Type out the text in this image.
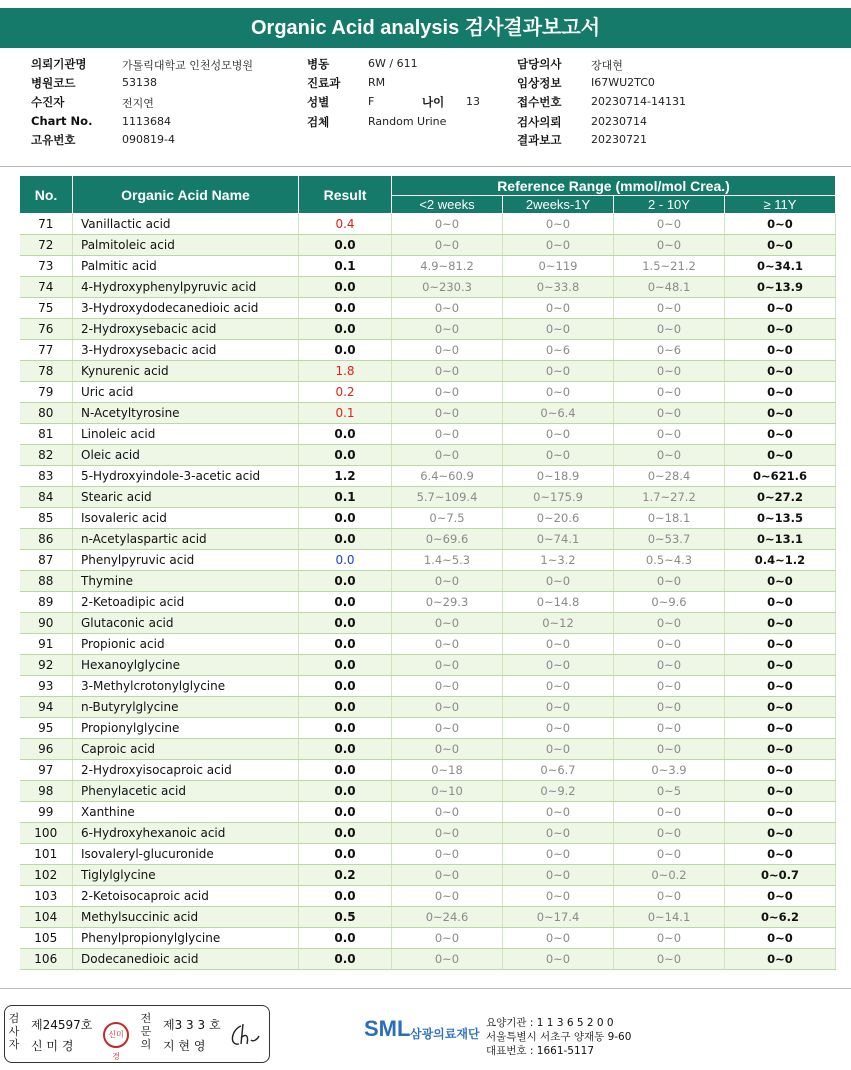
Organic Acid analysis 검사결과보고서
의뢰기관명	가톨릭대학교 인천성모병원
병원코드	53138
수진자	전지연
Chart No.	1113684
고유번호	090819-4
병동	6W / 611
진료과	RM
성별	F
검체	Random Urine
나이 13
담당의사	장대현
임상정보	I67WU2TC0
접수번호	20230714-14131
검사의뢰	20230714
결과보고	20230721
No.	Organic Acid Name	Result	Reference Range (mmol/mol Crea.)			
			<2 weeks	2weeks-1Y	2 - 10Y	≥ 11Y
71	Vanillactic acid	0.4	0~0	0~0	0~0	0~0
72	Palmitoleic acid	0.0	0~0	0~0	0~0	0~0
73	Palmitic acid	0.1	4.9~81.2	0~119	1.5~21.2	0~34.1
74	4-Hydroxyphenylpyruvic acid	0.0	0~230.3	0~33.8	0~48.1	0~13.9
75	3-Hydroxydodecanedioic acid	0.0	0~0	0~0	0~0	0~0
76	2-Hydroxysebacic acid	0.0	0~0	0~0	0~0	0~0
77	3-Hydroxysebacic acid	0.0	0~0	0~6	0~6	0~0
78	Kynurenic acid	1.8	0~0	0~0	0~0	0~0
79	Uric acid	0.2	0~0	0~0	0~0	0~0
80	N-Acetyltyrosine	0.1	0~0	0~6.4	0~0	0~0
81	Linoleic acid	0.0	0~0	0~0	0~0	0~0
82	Oleic acid	0.0	0~0	0~0	0~0	0~0
83	5-Hydroxyindole-3-acetic acid	1.2	6.4~60.9	0~18.9	0~28.4	0~621.6
84	Stearic acid	0.1	5.7~109.4	0~175.9	1.7~27.2	0~27.2
85	Isovaleric acid	0.0	0~7.5	0~20.6	0~18.1	0~13.5
86	n-Acetylaspartic acid	0.0	0~69.6	0~74.1	0~53.7	0~13.1
87	Phenylpyruvic acid	0.0	1.4~5.3	1~3.2	0.5~4.3	0.4~1.2
88	Thymine	0.0	0~0	0~0	0~0	0~0
89	2-Ketoadipic acid	0.0	0~29.3	0~14.8	0~9.6	0~0
90	Glutaconic acid	0.0	0~0	0~12	0~0	0~0
91	Propionic acid	0.0	0~0	0~0	0~0	0~0
92	Hexanoylglycine	0.0	0~0	0~0	0~0	0~0
93	3-Methylcrotonylglycine	0.0	0~0	0~0	0~0	0~0
94	n-Butyrylglycine	0.0	0~0	0~0	0~0	0~0
95	Propionylglycine	0.0	0~0	0~0	0~0	0~0
96	Caproic acid	0.0	0~0	0~0	0~0	0~0
97	2-Hydroxyisocaproic acid	0.0	0~18	0~6.7	0~3.9	0~0
98	Phenylacetic acid	0.0	0~10	0~9.2	0~5	0~0
99	Xanthine	0.0	0~0	0~0	0~0	0~0
100	6-Hydroxyhexanoic acid	0.0	0~0	0~0	0~0	0~0
101	Isovaleryl-glucuronide	0.0	0~0	0~0	0~0	0~0
102	Tiglylglycine	0.2	0~0	0~0	0~0.2	0~0.7
103	2-Ketoisocaproic acid	0.0	0~0	0~0	0~0	0~0
104	Methylsuccinic acid	0.5	0~24.6	0~17.4	0~14.1	0~6.2
105	Phenylpropionylglycine	0.0	0~0	0~0	0~0	0~0
106	Dodecanedioic acid	0.0	0~0	0~0	0~0	0~0
검사자
제24597호
신 미 경
신미경
전문의
제3 3 3 호
지 현 영
SML 삼광의료재단
요양기관 : 1 1 3 6 5 2 0 0
서울특별시 서초구 양재동 9-60
대표번호 : 1661-5117
